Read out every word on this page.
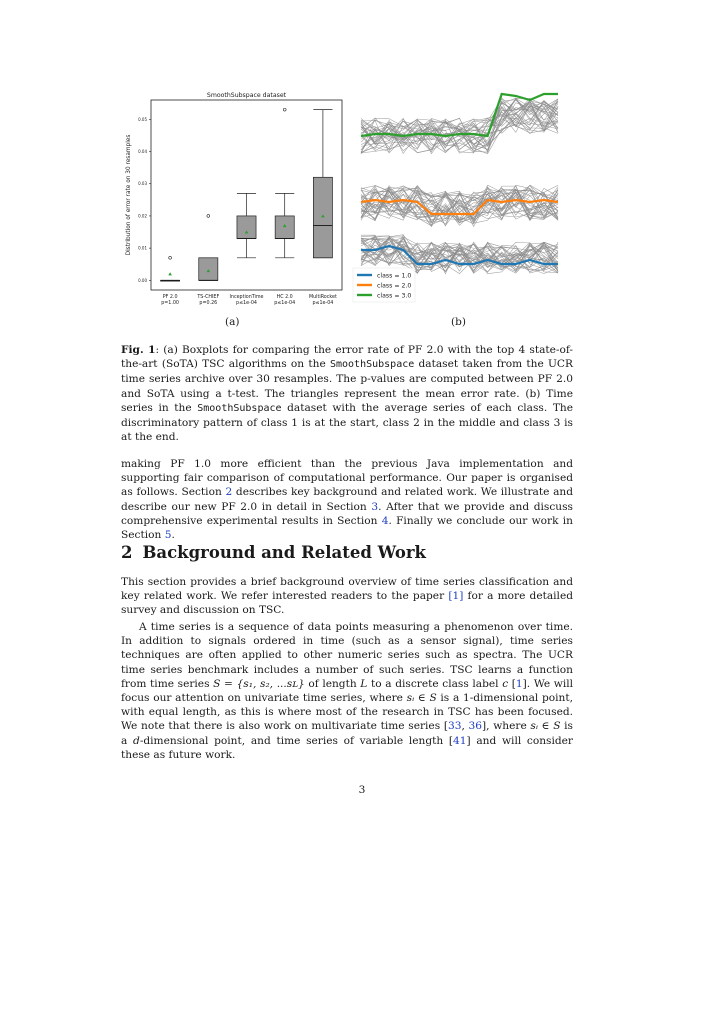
SmoothSubspace dataset
Distribution of error rate on 30 resamples
0.00
0.01
0.02
0.03
0.04
0.05
PF 2.0
p=1.00
TS-CHIEF
p=0.26
InceptionTime
p≤1e-04
HC 2.0
p≤1e-04
MultiRocket
p≤1e-04
class = 1.0
class = 2.0
class = 3.0
(a)	(b)
Fig. 1: (a) Boxplots for comparing the error rate of PF 2.0 with the top 4 state-of-the-art (SoTA) TSC algorithms on the SmoothSubspace dataset taken from the UCR time series archive over 30 resamples. The p-values are computed between PF 2.0 and SoTA using a t-test. The triangles represent the mean error rate. (b) Time series in the SmoothSubspace dataset with the average series of each class. The discriminatory pattern of class 1 is at the start, class 2 in the middle and class 3 is at the end.
making PF 1.0 more efficient than the previous Java implementation and supporting fair comparison of computational performance. Our paper is organised as follows. Section 2 describes key background and related work. We illustrate and describe our new PF 2.0 in detail in Section 3. After that we provide and discuss comprehensive experimental results in Section 4. Finally we conclude our work in Section 5.
2 Background and Related Work
This section provides a brief background overview of time series classification and key related work. We refer interested readers to the paper [1] for a more detailed survey and discussion on TSC.
A time series is a sequence of data points measuring a phenomenon over time. In addition to signals ordered in time (such as a sensor signal), time series techniques are often applied to other numeric series such as spectra. The UCR time series benchmark includes a number of such series. TSC learns a function from time series S = {s₁, s₂, ...sʟ} of length L to a discrete class label c [1]. We will focus our attention on univariate time series, where sᵢ ∈ S is a 1-dimensional point, with equal length, as this is where most of the research in TSC has been focused. We note that there is also work on multivariate time series [33, 36], where sᵢ ∈ S is a d-dimensional point, and time series of variable length [41] and will consider these as future work.
3
